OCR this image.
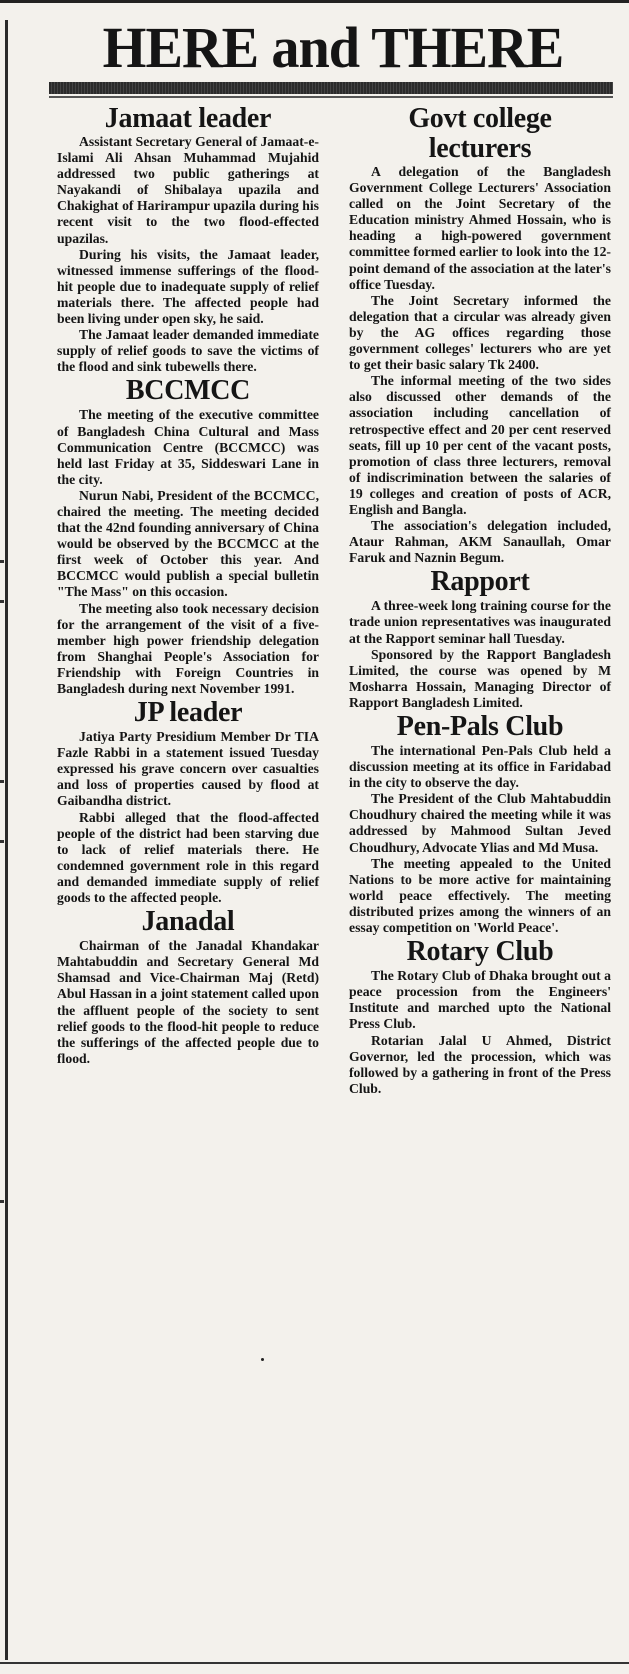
HERE and THERE
Jamaat leader

Assistant Secretary General of Jamaat-e-Islami Ali Ahsan Muhammad Mujahid addressed two public gatherings at Nayakandi of Shibalaya upazila and Chakighat of Harirampur upazila during his recent visit to the two flood-effected upazilas.

During his visits, the Jamaat leader, witnessed immense sufferings of the flood-hit people due to inadequate supply of relief materials there. The affected people had been living under open sky, he said.

The Jamaat leader demanded immediate supply of relief goods to save the victims of the flood and sink tubewells there.

BCCMCC

The meeting of the executive committee of Bangladesh China Cultural and Mass Communication Centre (BCCMCC) was held last Friday at 35, Siddeswari Lane in the city.

Nurun Nabi, President of the BCCMCC, chaired the meeting. The meeting decided that the 42nd founding anniversary of China would be observed by the BCCMCC at the first week of October this year. And BCCMCC would publish a special bulletin "The Mass" on this occasion.

The meeting also took necessary decision for the arrangement of the visit of a five-member high power friendship delegation from Shanghai People's Association for Friendship with Foreign Countries in Bangladesh during next November 1991.

JP leader

Jatiya Party Presidium Member Dr TIA Fazle Rabbi in a statement issued Tuesday expressed his grave concern over casualties and loss of properties caused by flood at Gaibandha district.

Rabbi alleged that the flood-affected people of the district had been starving due to lack of relief materials there. He condemned government role in this regard and demanded immediate supply of relief goods to the affected people.

Janadal

Chairman of the Janadal Khandakar Mahtabuddin and Secretary General Md Shamsad and Vice-Chairman Maj (Retd) Abul Hassan in a joint statement called upon the affluent people of the society to sent relief goods to the flood-hit people to reduce the sufferings of the affected people due to flood.

Govt college lecturers

A delegation of the Bangladesh Government College Lecturers' Association called on the Joint Secretary of the Education ministry Ahmed Hossain, who is heading a high-powered government committee formed earlier to look into the 12-point demand of the association at the later's office Tuesday.

The Joint Secretary informed the delegation that a circular was already given by the AG offices regarding those government colleges' lecturers who are yet to get their basic salary Tk 2400.

The informal meeting of the two sides also discussed other demands of the association including cancellation of retrospective effect and 20 per cent reserved seats, fill up 10 per cent of the vacant posts, promotion of class three lecturers, removal of indiscrimination between the salaries of 19 colleges and creation of posts of ACR, English and Bangla.

The association's delegation included, Ataur Rahman, AKM Sanaullah, Omar Faruk and Naznin Begum.

Rapport

A three-week long training course for the trade union representatives was inaugurated at the Rapport seminar hall Tuesday.

Sponsored by the Rapport Bangladesh Limited, the course was opened by M Mosharra Hossain, Managing Director of Rapport Bangladesh Limited.

Pen-Pals Club

The international Pen-Pals Club held a discussion meeting at its office in Faridabad in the city to observe the day.

The President of the Club Mahtabuddin Choudhury chaired the meeting while it was addressed by Mahmood Sultan Jeved Choudhury, Advocate Ylias and Md Musa.

The meeting appealed to the United Nations to be more active for maintaining world peace effectively. The meeting distributed prizes among the winners of an essay competition on 'World Peace'.

Rotary Club

The Rotary Club of Dhaka brought out a peace procession from the Engineers' Institute and marched upto the National Press Club.

Rotarian Jalal U Ahmed, District Governor, led the procession, which was followed by a gathering in front of the Press Club.
